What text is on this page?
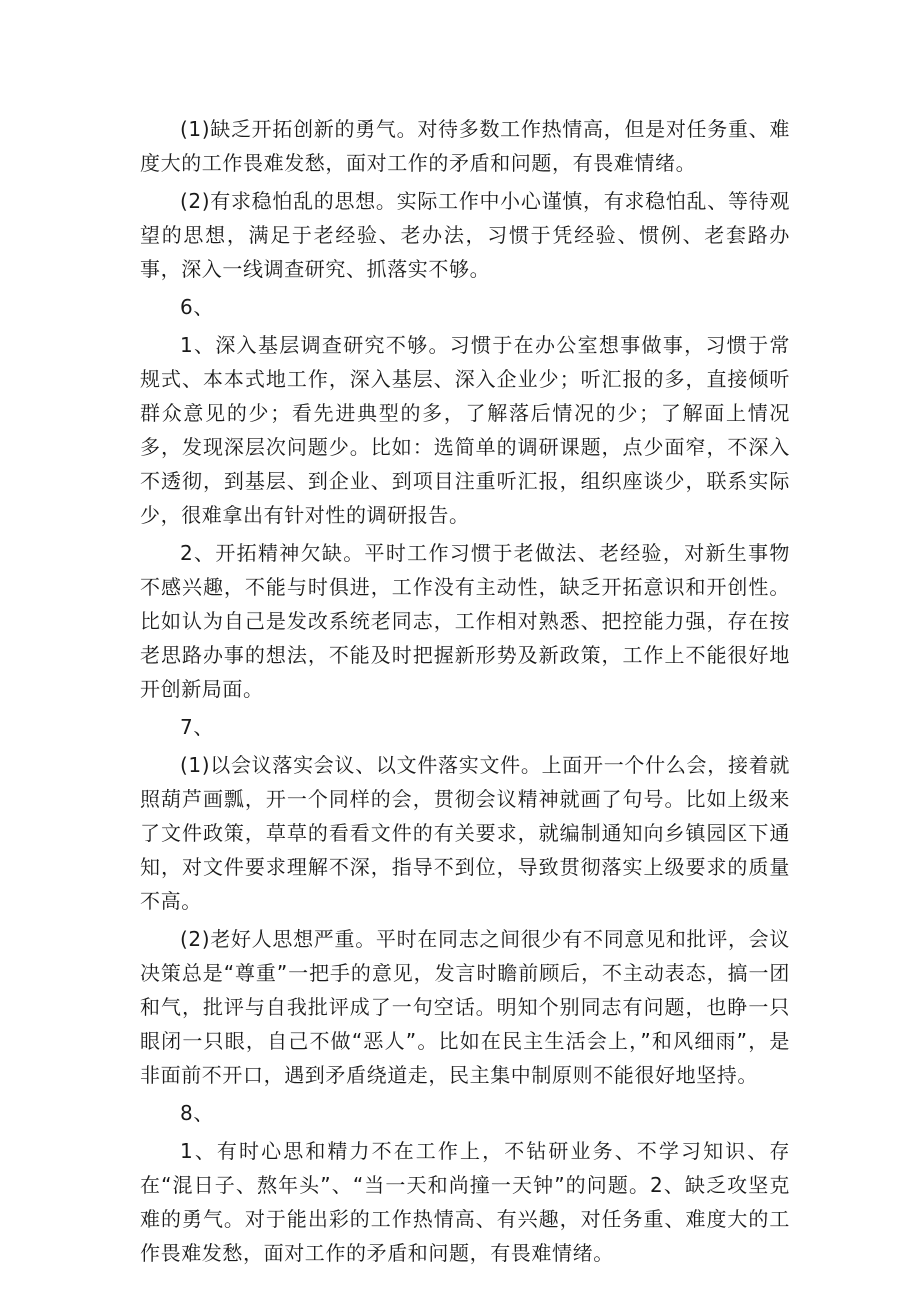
(1)缺乏开拓创新的勇气。对待多数工作热情高，但是对任务重、难度大的工作畏难发愁，面对工作的矛盾和问题，有畏难情绪。

(2)有求稳怕乱的思想。实际工作中小心谨慎，有求稳怕乱、等待观望的思想，满足于老经验、老办法，习惯于凭经验、惯例、老套路办事，深入一线调查研究、抓落实不够。

6、

1、深入基层调查研究不够。习惯于在办公室想事做事，习惯于常规式、本本式地工作，深入基层、深入企业少；听汇报的多，直接倾听群众意见的少；看先进典型的多，了解落后情况的少；了解面上情况多，发现深层次问题少。比如：选简单的调研课题，点少面窄，不深入不透彻，到基层、到企业、到项目注重听汇报，组织座谈少，联系实际少，很难拿出有针对性的调研报告。

2、开拓精神欠缺。平时工作习惯于老做法、老经验，对新生事物不感兴趣，不能与时俱进，工作没有主动性，缺乏开拓意识和开创性。比如认为自己是发改系统老同志，工作相对熟悉、把控能力强，存在按老思路办事的想法，不能及时把握新形势及新政策，工作上不能很好地开创新局面。

7、

(1)以会议落实会议、以文件落实文件。上面开一个什么会，接着就照葫芦画瓢，开一个同样的会，贯彻会议精神就画了句号。比如上级来了文件政策，草草的看看文件的有关要求，就编制通知向乡镇园区下通知，对文件要求理解不深，指导不到位，导致贯彻落实上级要求的质量不高。

(2)老好人思想严重。平时在同志之间很少有不同意见和批评，会议决策总是“尊重”一把手的意见，发言时瞻前顾后，不主动表态，搞一团和气，批评与自我批评成了一句空话。明知个别同志有问题，也睁一只眼闭一只眼，自己不做“恶人”。比如在民主生活会上，”和风细雨”，是非面前不开口，遇到矛盾绕道走，民主集中制原则不能很好地坚持。

8、

1、有时心思和精力不在工作上，不钻研业务、不学习知识、存在“混日子、熬年头”、“当一天和尚撞一天钟”的问题。2、缺乏攻坚克难的勇气。对于能出彩的工作热情高、有兴趣，对任务重、难度大的工作畏难发愁，面对工作的矛盾和问题，有畏难情绪。
